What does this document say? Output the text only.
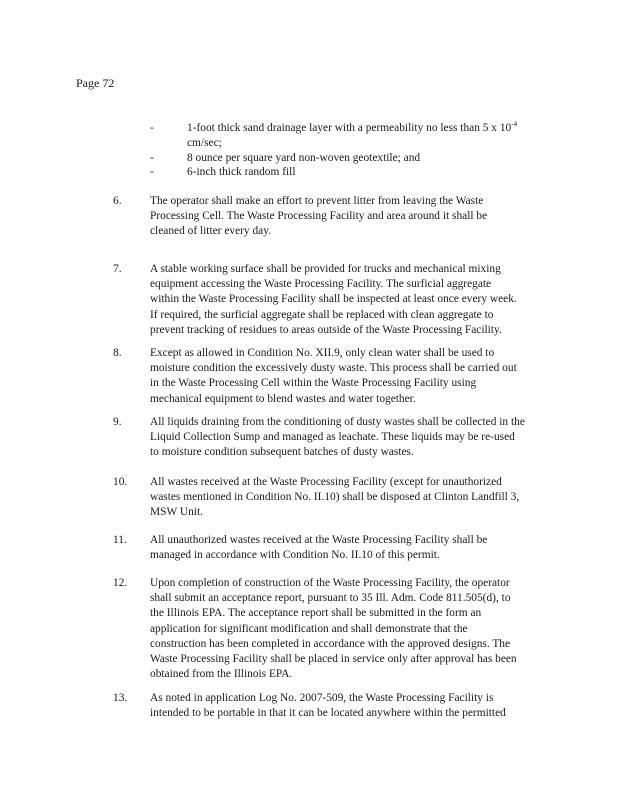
Page 72
-	1-foot thick sand drainage layer with a permeability no less than 5 x $10^{-4}$
cm/sec;
-	8 ounce per square yard non-woven geotextile; and
-	6-inch thick random fill
6. The operator shall make an effort to prevent litter from leaving the Waste
Processing Cell. The Waste Processing Facility and area around it shall be
cleaned of litter every day.
7. A stable working surface shall be provided for trucks and mechanical mixing
equipment accessing the Waste Processing Facility. The surficial aggregate
within the Waste Processing Facility shall be inspected at least once every week.
If required, the surficial aggregate shall be replaced with clean aggregate to
prevent tracking of residues to areas outside of the Waste Processing Facility.
8. Except as allowed in Condition No. XII.9, only clean water shall be used to
moisture condition the excessively dusty waste. This process shall be carried out
in the Waste Processing Cell within the Waste Processing Facility using
mechanical equipment to blend wastes and water together.
9. All liquids draining from the conditioning of dusty wastes shall be collected in the
Liquid Collection Sump and managed as leachate. These liquids may be re-used
to moisture condition subsequent batches of dusty wastes.
10. All wastes received at the Waste Processing Facility (except for unauthorized
wastes mentioned in Condition No. II.10) shall be disposed at Clinton Landfill 3,
MSW Unit.
11. All unauthorized wastes received at the Waste Processing Facility shall be
managed in accordance with Condition No. II.10 of this permit.
12. Upon completion of construction of the Waste Processing Facility, the operator
shall submit an acceptance report, pursuant to 35 Ill. Adm. Code 811.505(d), to
the Illinois EPA. The acceptance report shall be submitted in the form an
application for significant modification and shall demonstrate that the
construction has been completed in accordance with the approved designs. The
Waste Processing Facility shall be placed in service only after approval has been
obtained from the Illinois EPA.
13. As noted in application Log No. 2007-509, the Waste Processing Facility is
intended to be portable in that it can be located anywhere within the permitted
